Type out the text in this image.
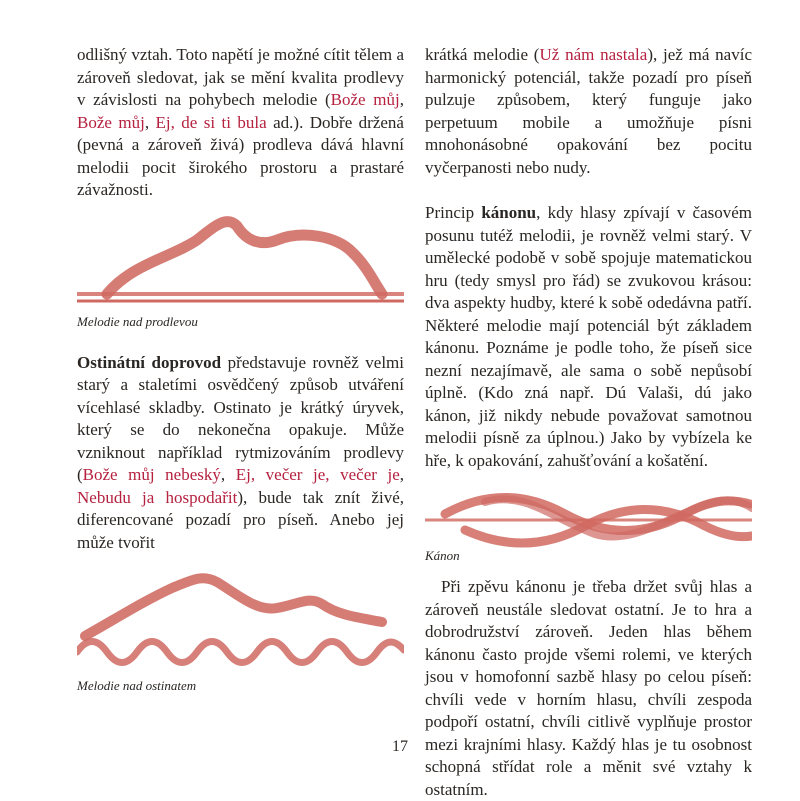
odlišný vztah. Toto napětí je možné cítit tělem a zároveň sledovat, jak se mění kvalita prodlevy v závislosti na pohybech melodie (Bože můj, Bože můj, Ej, de si ti bula ad.). Dobře držená (pevná a zároveň živá) prodleva dává hlavní melodii pocit širokého prostoru a prastaré závažnosti.

Melodie nad prodlevou

Ostinátní doprovod představuje rovněž velmi starý a staletími osvědčený způsob utváření vícehlasé skladby. Ostinato je krátký úryvek, který se do nekonečna opakuje. Může vzniknout například rytmizováním prodlevy (Bože můj nebeský, Ej, večer je, večer je, Nebudu ja hospodařit), bude tak znít živé, diferencované pozadí pro píseň. Anebo jej může tvořit

Melodie nad ostinatem

krátká melodie (Už nám nastala), jež má navíc harmonický potenciál, takže pozadí pro píseň pulzuje způsobem, který funguje jako perpetuum mobile a umožňuje písni mnohonásobné opakování bez pocitu vyčerpanosti nebo nudy.

Princip kánonu, kdy hlasy zpívají v časovém posunu tutéž melodii, je rovněž velmi starý. V umělecké podobě v sobě spojuje matematickou hru (tedy smysl pro řád) se zvukovou krásou: dva aspekty hudby, které k sobě odedávna patří. Některé melodie mají potenciál být základem kánonu. Poznáme je podle toho, že píseň sice nezní nezajímavě, ale sama o sobě nepůsobí úplně. (Kdo zná např. Dú Valaši, dú jako kánon, již nikdy nebude považovat samotnou melodii písně za úplnou.) Jako by vybízela ke hře, k opakování, zahušťování a košatění.

Kánon

Při zpěvu kánonu je třeba držet svůj hlas a zároveň neustále sledovat ostatní. Je to hra a dobrodružství zároveň. Jeden hlas během kánonu často projde všemi rolemi, ve kterých jsou v homofonní sazbě hlasy po celou píseň: chvíli vede v horním hlasu, chvíli zespoda podpoří ostatní, chvíli citlivě vyplňuje prostor mezi krajními hlasy. Každý hlas je tu osobnost schopná střídat role a měnit své vztahy k ostatním.

17
